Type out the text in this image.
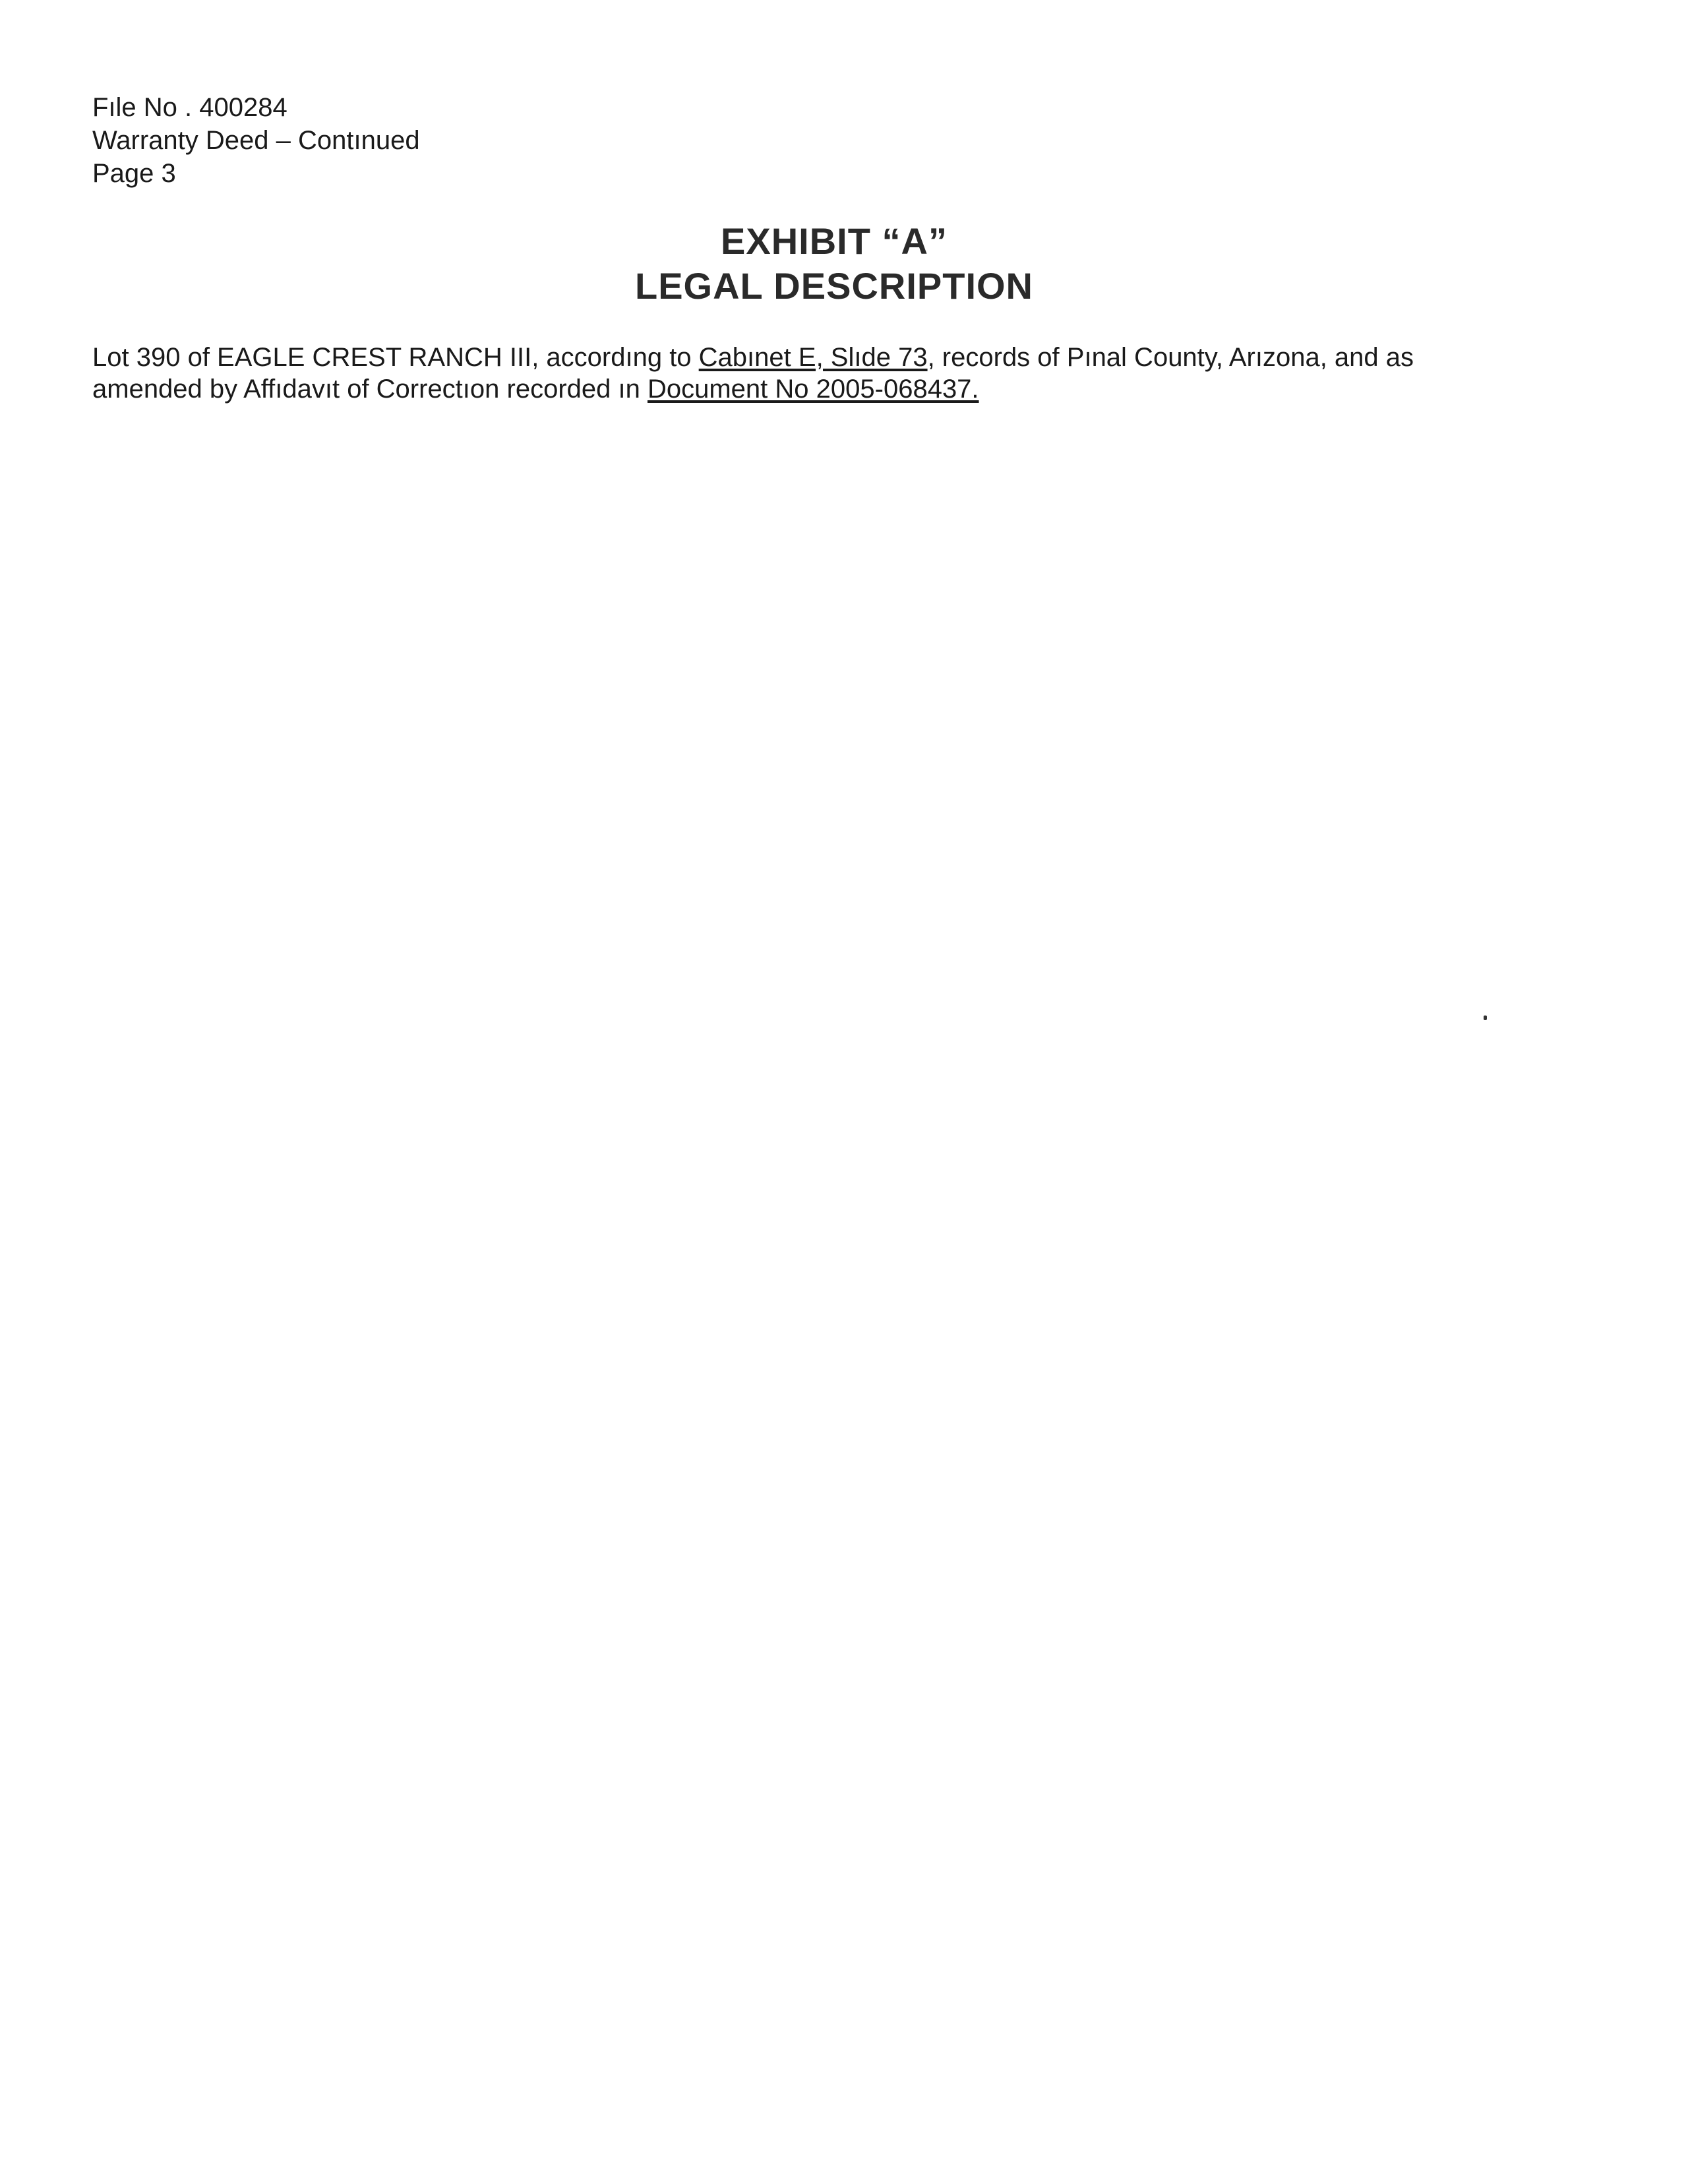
Fıle No . 400284
Warranty Deed – Contınued
Page 3
EXHIBIT “A”
LEGAL DESCRIPTION
Lot 390 of EAGLE CREST RANCH III, accordıng to Cabınet E, Slıde 73, records of Pınal County, Arızona, and as
amended by Affıdavıt of Correctıon recorded ın Document No 2005-068437.
